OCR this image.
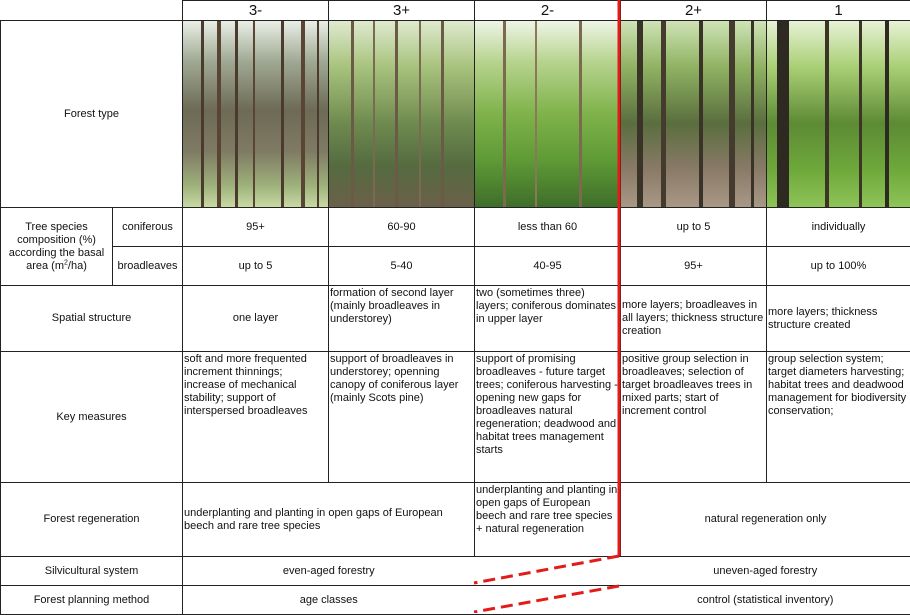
		3-	3+	2-	2+	1
Forest type		

Tree species composition (%) according the basal area $(m^2/ha)$	coniferous	95+	60-90	less than 60	up to 5	individually
	broadleaves	up to 5	5-40	40-95	95+	up to 100%
Spatial structure		one layer	formation of second layer (mainly broadleaves in understorey)	two (sometimes three) layers; coniferous dominates in upper layer	more layers; broadleaves in all layers; thickness structure creation	more layers; thickness structure created
Key measures		soft and more frequented increment thinnings; increase of mechanical stability; support of interspersed broadleaves	support of broadleaves in understorey; openning canopy of coniferous layer (mainly Scots pine)	support of promising broadleaves - future target trees; coniferous harvesting - opening new gaps for broadleaves natural regeneration; deadwood and habitat trees management starts	positive group selection in broadleaves; selection of target broadleaves trees in mixed parts; start of increment control	group selection system; target diameters harvesting; habitat trees and deadwood management for biodiversity conservation;
Forest regeneration		underplanting and planting in open gaps of European beech and rare tree species		underplanting and planting in open gaps of European beech and rare tree species + natural regeneration	natural regeneration only	
Silvicultural system		even-aged forestry			uneven-aged forestry	
Forest planning method		age classes			control (statistical inventory)	
